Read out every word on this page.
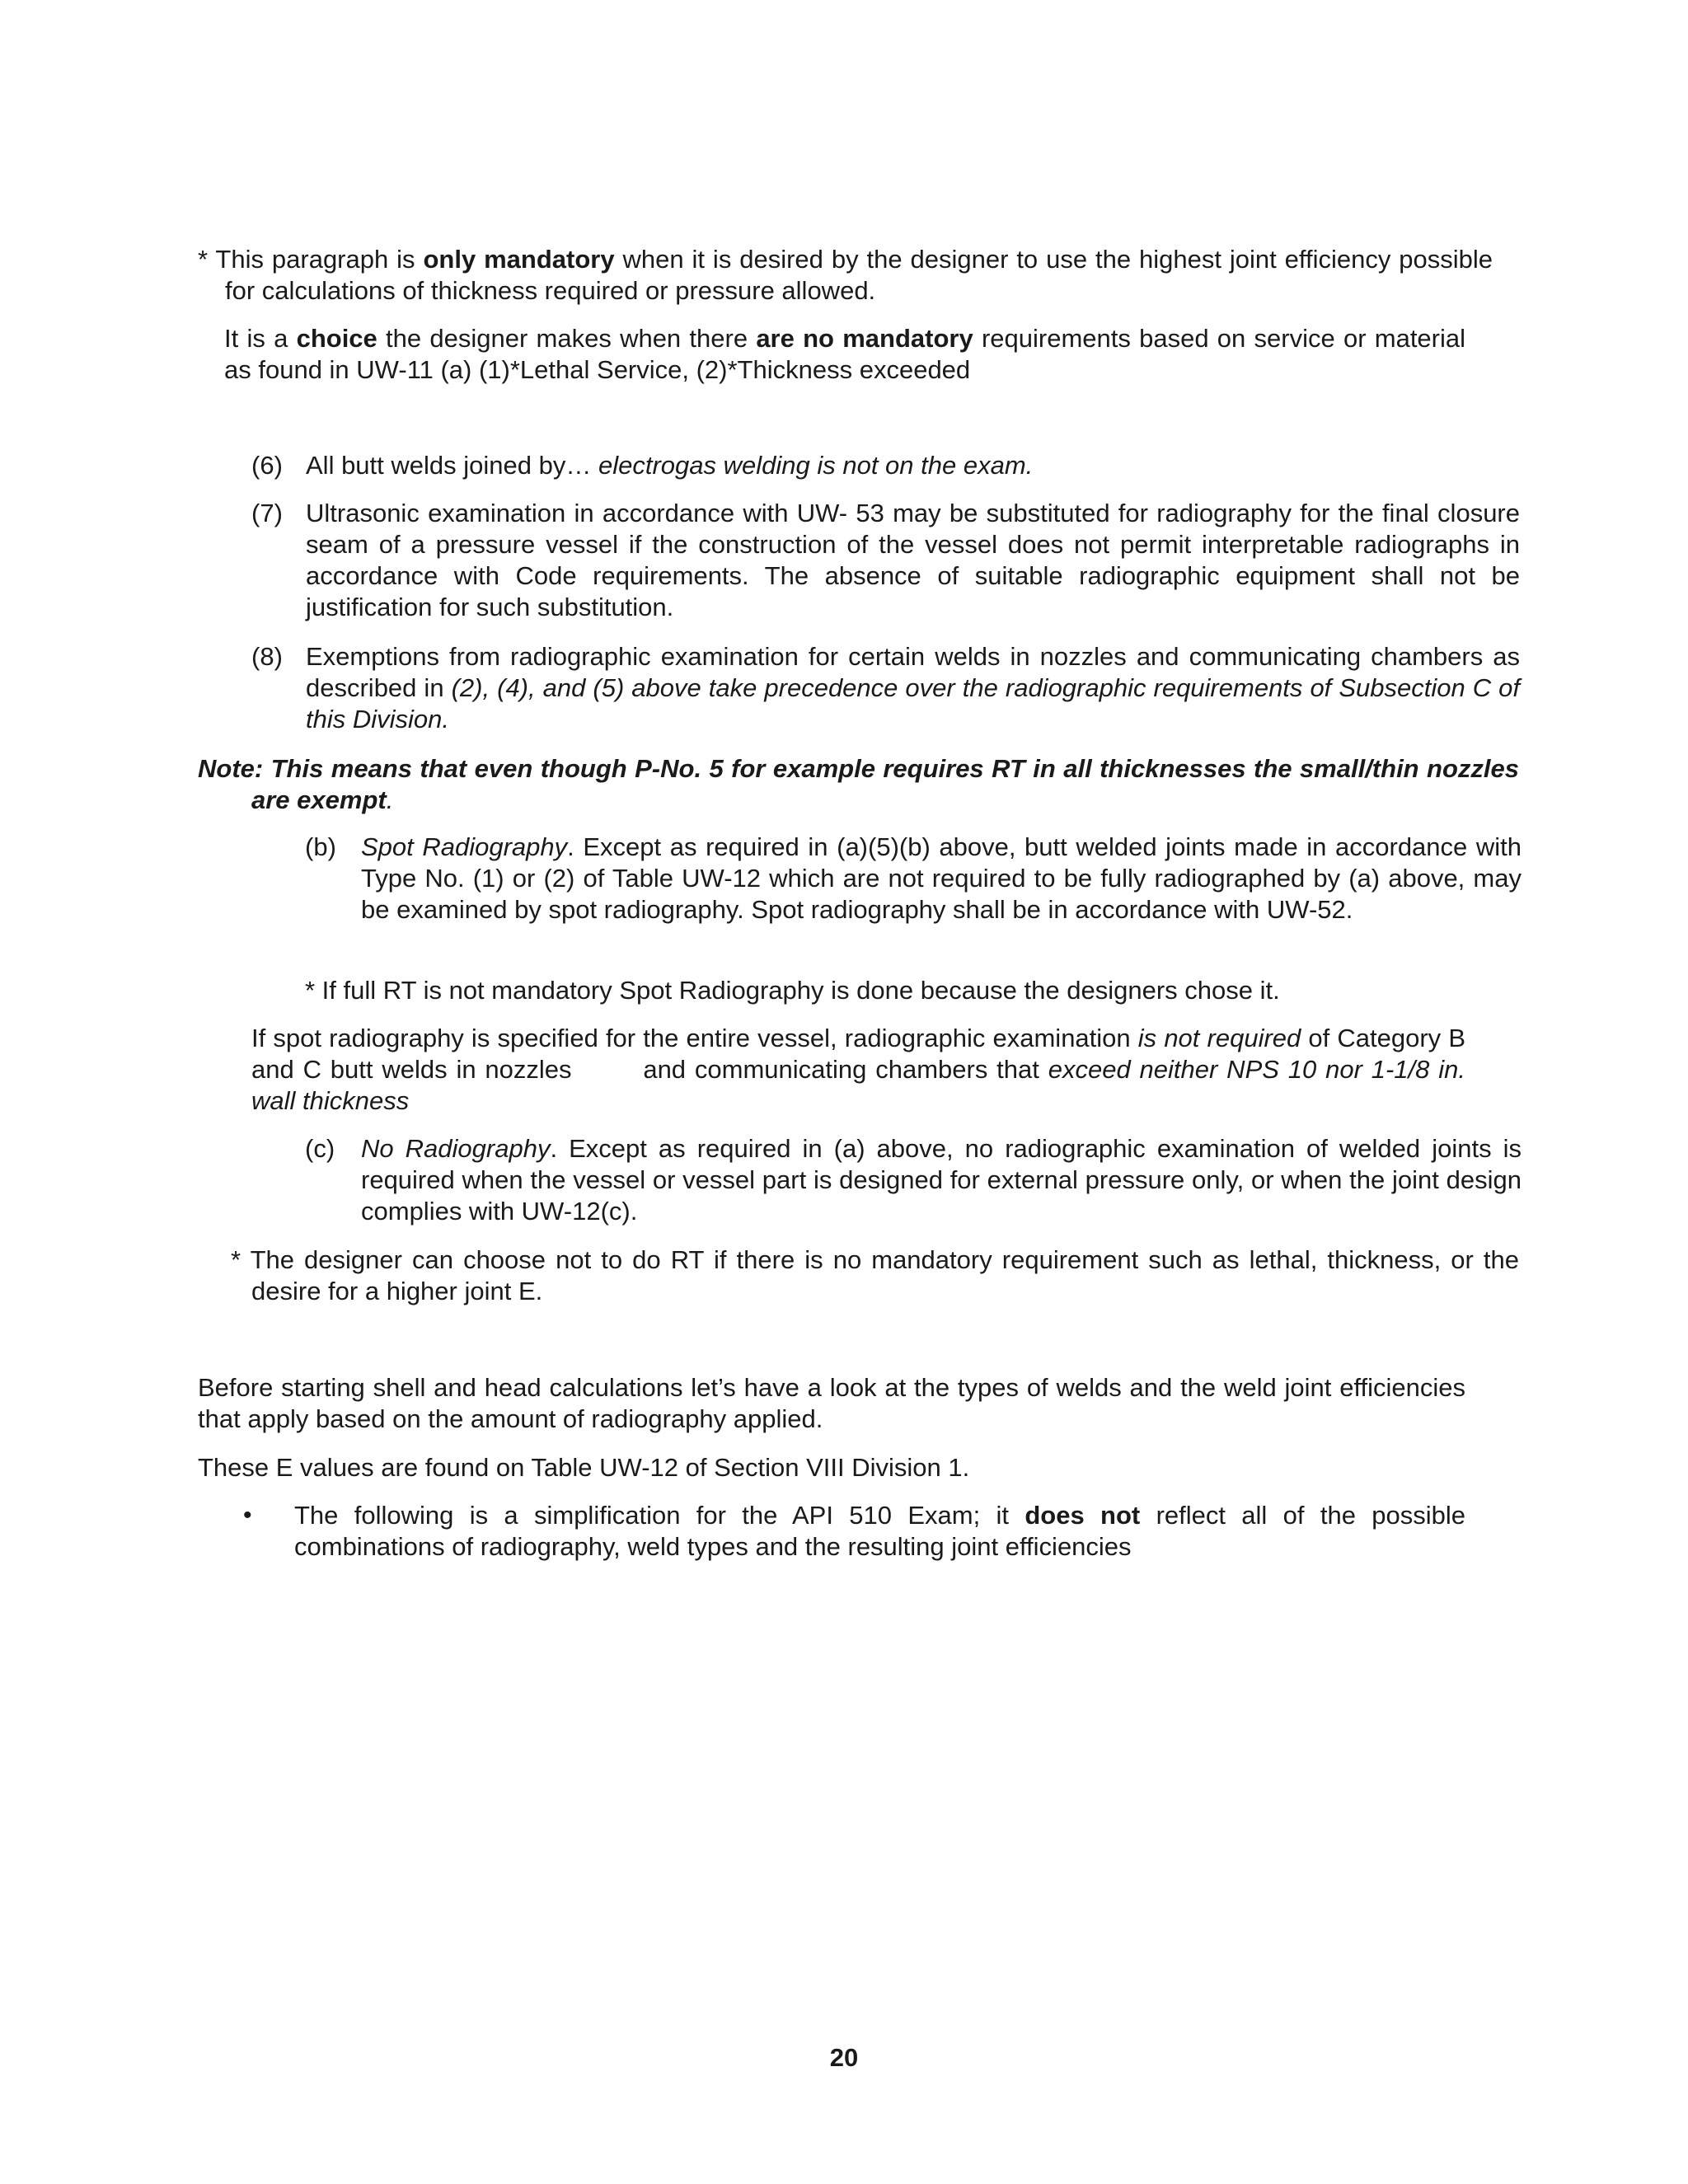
* This paragraph is only mandatory when it is desired by the designer to use the highest joint efficiency possible for calculations of thickness required or pressure allowed.
It is a choice the designer makes when there are no mandatory requirements based on service or material as found in UW-11 (a) (1)*Lethal Service, (2)*Thickness exceeded
(6) All butt welds joined by… electrogas welding is not on the exam.
(7) Ultrasonic examination in accordance with UW- 53 may be substituted for radiography for the final closure seam of a pressure vessel if the construction of the vessel does not permit interpretable radiographs in accordance with Code requirements. The absence of suitable radiographic equipment shall not be justification for such substitution.
(8) Exemptions from radiographic examination for certain welds in nozzles and communicating chambers as described in (2), (4), and (5) above take precedence over the radiographic requirements of Subsection C of this Division.
Note: This means that even though P-No. 5 for example requires RT in all thicknesses the small/thin nozzles are exempt.
(b) Spot Radiography. Except as required in (a)(5)(b) above, butt welded joints made in accordance with Type No. (1) or (2) of Table UW-12 which are not required to be fully radiographed by (a) above, may be examined by spot radiography. Spot radiography shall be in accordance with UW-52.
* If full RT is not mandatory Spot Radiography is done because the designers chose it.
If spot radiography is specified for the entire vessel, radiographic examination is not required of Category B and C butt welds in nozzles        and communicating chambers that exceed neither NPS 10 nor 1-1/8 in. wall thickness
(c)	No Radiography. Except as required in (a) above, no radiographic examination of welded joints is required when the vessel or vessel part is designed for external pressure only, or when the joint design complies with UW-12(c).
* The designer can choose not to do RT if there is no mandatory requirement such as lethal, thickness, or the desire for a higher joint E.
Before starting shell and head calculations let’s have a look at the types of welds and the weld joint efficiencies that apply based on the amount of radiography applied.
These E values are found on Table UW-12 of Section VIII Division 1.
• The following is a simplification for the API 510 Exam; it does not reflect all of the possible combinations of radiography, weld types and the resulting joint efficiencies
20
